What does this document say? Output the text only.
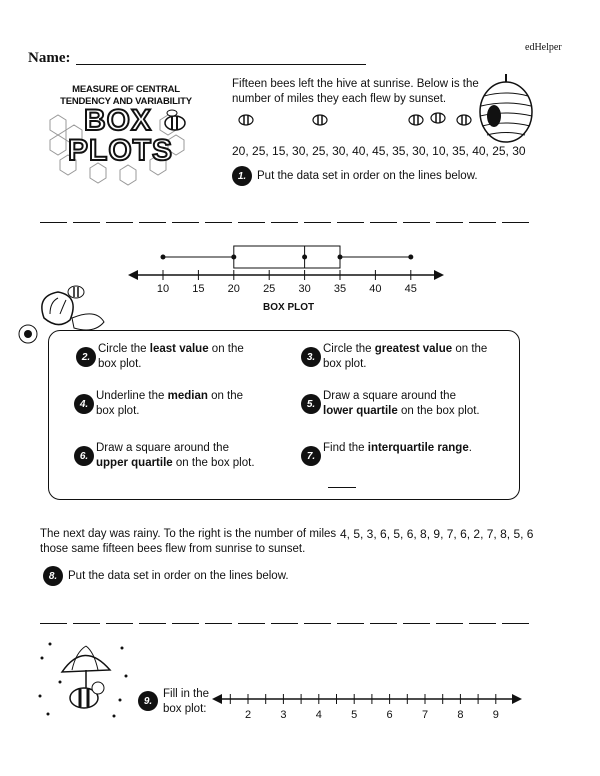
Name:
edHelper
MEASURE OF CENTRAL TENDENCY AND VARIABILITY
BOX
PLOTS
Fifteen bees left the hive at sunrise. Below is the number of miles they each flew by sunset.
20, 25, 15, 30, 25, 30, 40, 45, 35, 30, 10, 35, 40, 25, 30
1. Put the data set in order on the lines below.
10	15	20	25	30	35	40	45
BOX PLOT
2.
Circle the least value on the box plot.
3.
Circle the greatest value on the box plot.
4.
Underline the median on the box plot.
5.
Draw a square around the lower quartile on the box plot.
6.
Draw a square around the upper quartile on the box plot.
7.
Find the interquartile range.
The next day was rainy. To the right is the number of miles those same fifteen bees flew from sunrise to sunset.
4, 5, 3, 6, 5, 6, 8, 9, 7, 6, 2, 7, 8, 5, 6
8. Put the data set in order on the lines below.
9.
Fill in the box plot:	2	3	4	5	6	7	8	9
